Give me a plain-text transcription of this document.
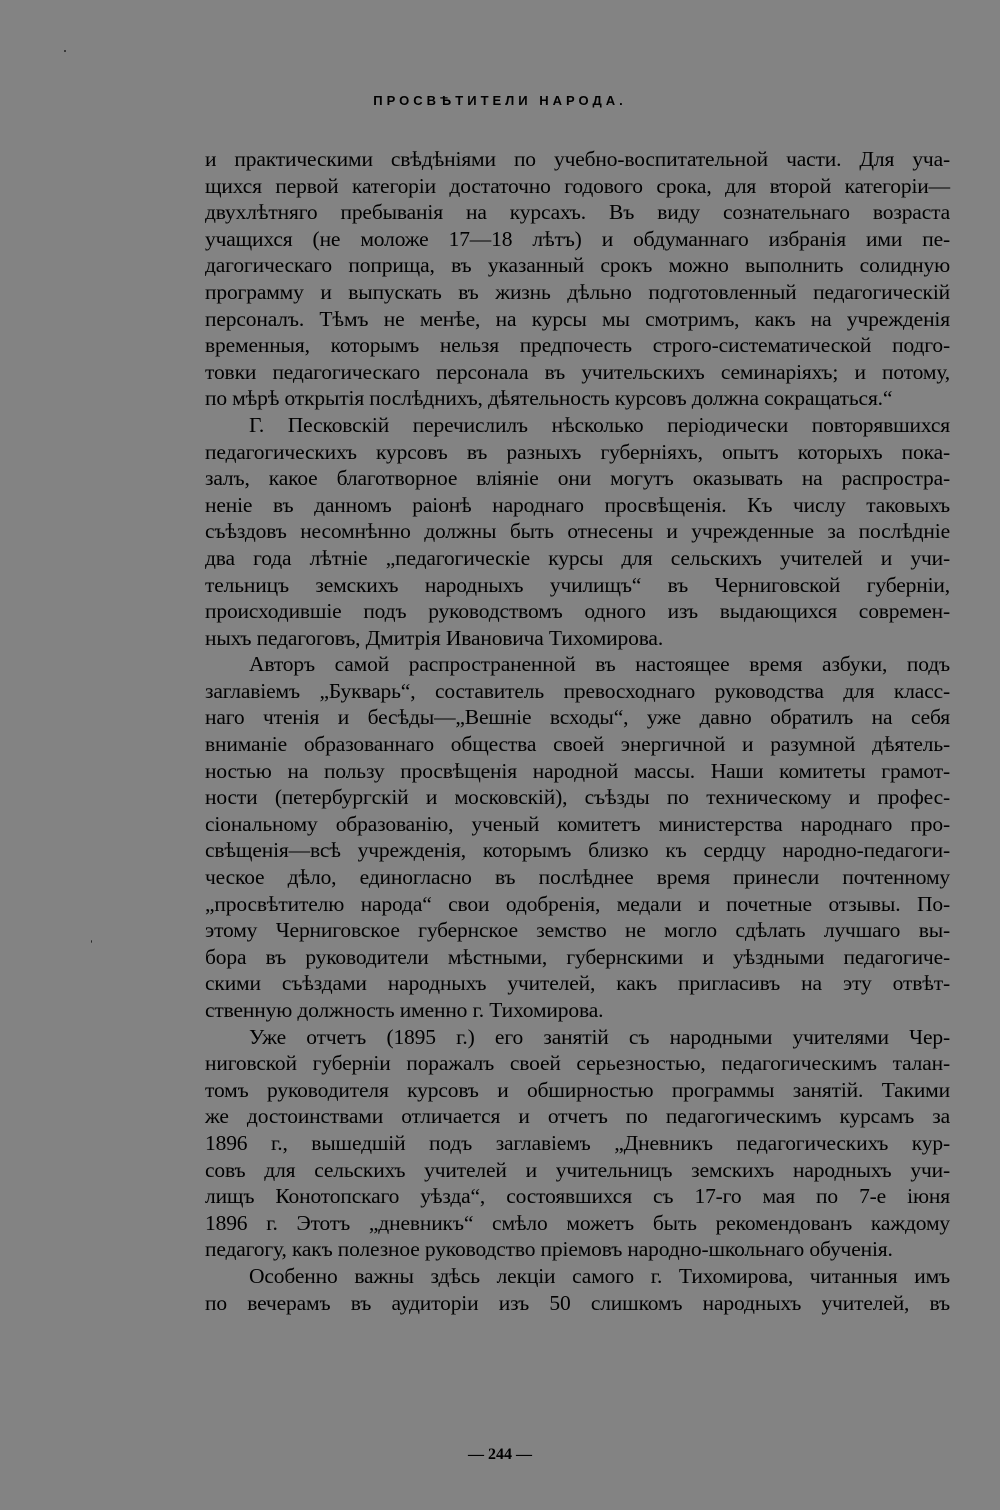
ПРОСВѢТИТЕЛИ НАРОДА.
и практическими свѣдѣніями по учебно-воспитательной части. Для уча-
щихся первой категоріи достаточно годового срока, для второй категоріи—
двухлѣтняго пребыванія на курсахъ. Въ виду сознательнаго возраста
учащихся (не моложе 17—18 лѣтъ) и обдуманнаго избранія ими пе-
дагогическаго поприща, въ указанный срокъ можно выполнить солидную
программу и выпускать въ жизнь дѣльно подготовленный педагогическій
персоналъ. Тѣмъ не менѣе, на курсы мы смотримъ, какъ на учрежденія
временныя, которымъ нельзя предпочесть строго-систематической подго-
товки педагогическаго персонала въ учительскихъ семинаріяхъ; и потому,
по мѣрѣ открытія послѣднихъ, дѣятельность курсовъ должна сокращаться.“
Г. Песковскій перечислилъ нѣсколько періодически повторявшихся
педагогическихъ курсовъ въ разныхъ губерніяхъ, опытъ которыхъ пока-
залъ, какое благотворное вліяніе они могутъ оказывать на распростра-
неніе въ данномъ раіонѣ народнаго просвѣщенія. Къ числу таковыхъ
съѣздовъ несомнѣнно должны быть отнесены и учрежденные за послѣдніе
два года лѣтніе „педагогическіе курсы для сельскихъ учителей и учи-
тельницъ земскихъ народныхъ училищъ“ въ Черниговской губерніи,
происходившіе подъ руководствомъ одного изъ выдающихся современ-
ныхъ педагоговъ, Дмитрія Ивановича Тихомирова.
Авторъ самой распространенной въ настоящее время азбуки, подъ
заглавіемъ „Букварь“, составитель превосходнаго руководства для класс-
наго чтенія и бесѣды—„Вешніе всходы“, уже давно обратилъ на себя
вниманіе образованнаго общества своей энергичной и разумной дѣятель-
ностью на пользу просвѣщенія народной массы. Наши комитеты грамот-
ности (петербургскій и московскій), съѣзды по техническому и профес-
сіональному образованію, ученый комитетъ министерства народнаго про-
свѣщенія—всѣ учрежденія, которымъ близко къ сердцу народно-педагоги-
ческое дѣло, единогласно въ послѣднее время принесли почтенному
„просвѣтителю народа“ свои одобренія, медали и почетные отзывы. По-
этому Черниговское губернское земство не могло сдѣлать лучшаго вы-
бора въ руководители мѣстными, губернскими и уѣздными педагогиче-
скими съѣздами народныхъ учителей, какъ пригласивъ на эту отвѣт-
ственную должность именно г. Тихомирова.
Уже отчетъ (1895 г.) его занятій съ народными учителями Чер-
ниговской губерніи поражалъ своей серьезностью, педагогическимъ талан-
томъ руководителя курсовъ и обширностью программы занятій. Такими
же достоинствами отличается и отчетъ по педагогическимъ курсамъ за
1896 г., вышедшій подъ заглавіемъ „Дневникъ педагогическихъ кур-
совъ для сельскихъ учителей и учительницъ земскихъ народныхъ учи-
лищъ Конотопскаго уѣзда“, состоявшихся съ 17-го мая по 7-е іюня
1896 г. Этотъ „дневникъ“ смѣло можетъ быть рекомендованъ каждому
педагогу, какъ полезное руководство пріемовъ народно-школьнаго обученія.
Особенно важны здѣсь лекціи самого г. Тихомирова, читанныя имъ
по вечерамъ въ аудиторіи изъ 50 слишкомъ народныхъ учителей, въ
— 244 —
